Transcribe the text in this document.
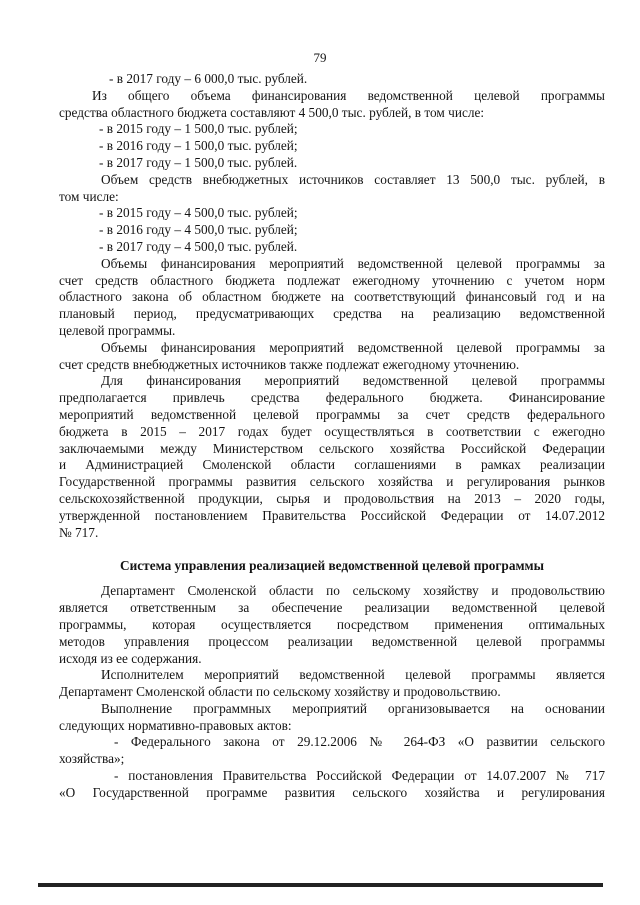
79
- в 2017 году – 6 000,0 тыс. рублей.
Из общего объема финансирования ведомственной целевой программы
средства областного бюджета составляют 4 500,0 тыс. рублей, в том числе:
- в 2015 году – 1 500,0 тыс. рублей;
- в 2016 году – 1 500,0 тыс. рублей;
- в 2017 году – 1 500,0 тыс. рублей.
Объем средств внебюджетных источников составляет 13 500,0 тыс. рублей, в
том числе:
- в 2015 году – 4 500,0 тыс. рублей;
- в 2016 году – 4 500,0 тыс. рублей;
- в 2017 году – 4 500,0 тыс. рублей.
Объемы финансирования мероприятий ведомственной целевой программы за
счет средств областного бюджета подлежат ежегодному уточнению с учетом норм
областного закона об областном бюджете на соответствующий финансовый год и на
плановый период, предусматривающих средства на реализацию ведомственной
целевой программы.
Объемы финансирования мероприятий ведомственной целевой программы за
счет средств внебюджетных источников также подлежат ежегодному уточнению.
Для финансирования мероприятий ведомственной целевой программы
предполагается привлечь средства федерального бюджета. Финансирование
мероприятий ведомственной целевой программы за счет средств федерального
бюджета в 2015 – 2017 годах будет осуществляться в соответствии с ежегодно
заключаемыми между Министерством сельского хозяйства Российской Федерации
и Администрацией Смоленской области соглашениями в рамках реализации
Государственной программы развития сельского хозяйства и регулирования рынков
сельскохозяйственной продукции, сырья и продовольствия на 2013 – 2020 годы,
утвержденной постановлением Правительства Российской Федерации от 14.07.2012
№ 717.
Система управления реализацией ведомственной целевой программы
Департамент Смоленской области по сельскому хозяйству и продовольствию
является ответственным за обеспечение реализации ведомственной целевой
программы, которая осуществляется посредством применения оптимальных
методов управления процессом реализации ведомственной целевой программы
исходя из ее содержания.
Исполнителем мероприятий ведомственной целевой программы является
Департамент Смоленской области по сельскому хозяйству и продовольствию.
Выполнение программных мероприятий организовывается на основании
следующих нормативно-правовых актов:
- Федерального закона от 29.12.2006 № 264-ФЗ «О развитии сельского
хозяйства»;
- постановления Правительства Российской Федерации от 14.07.2007 № 717
«О Государственной программе развития сельского хозяйства и регулирования
